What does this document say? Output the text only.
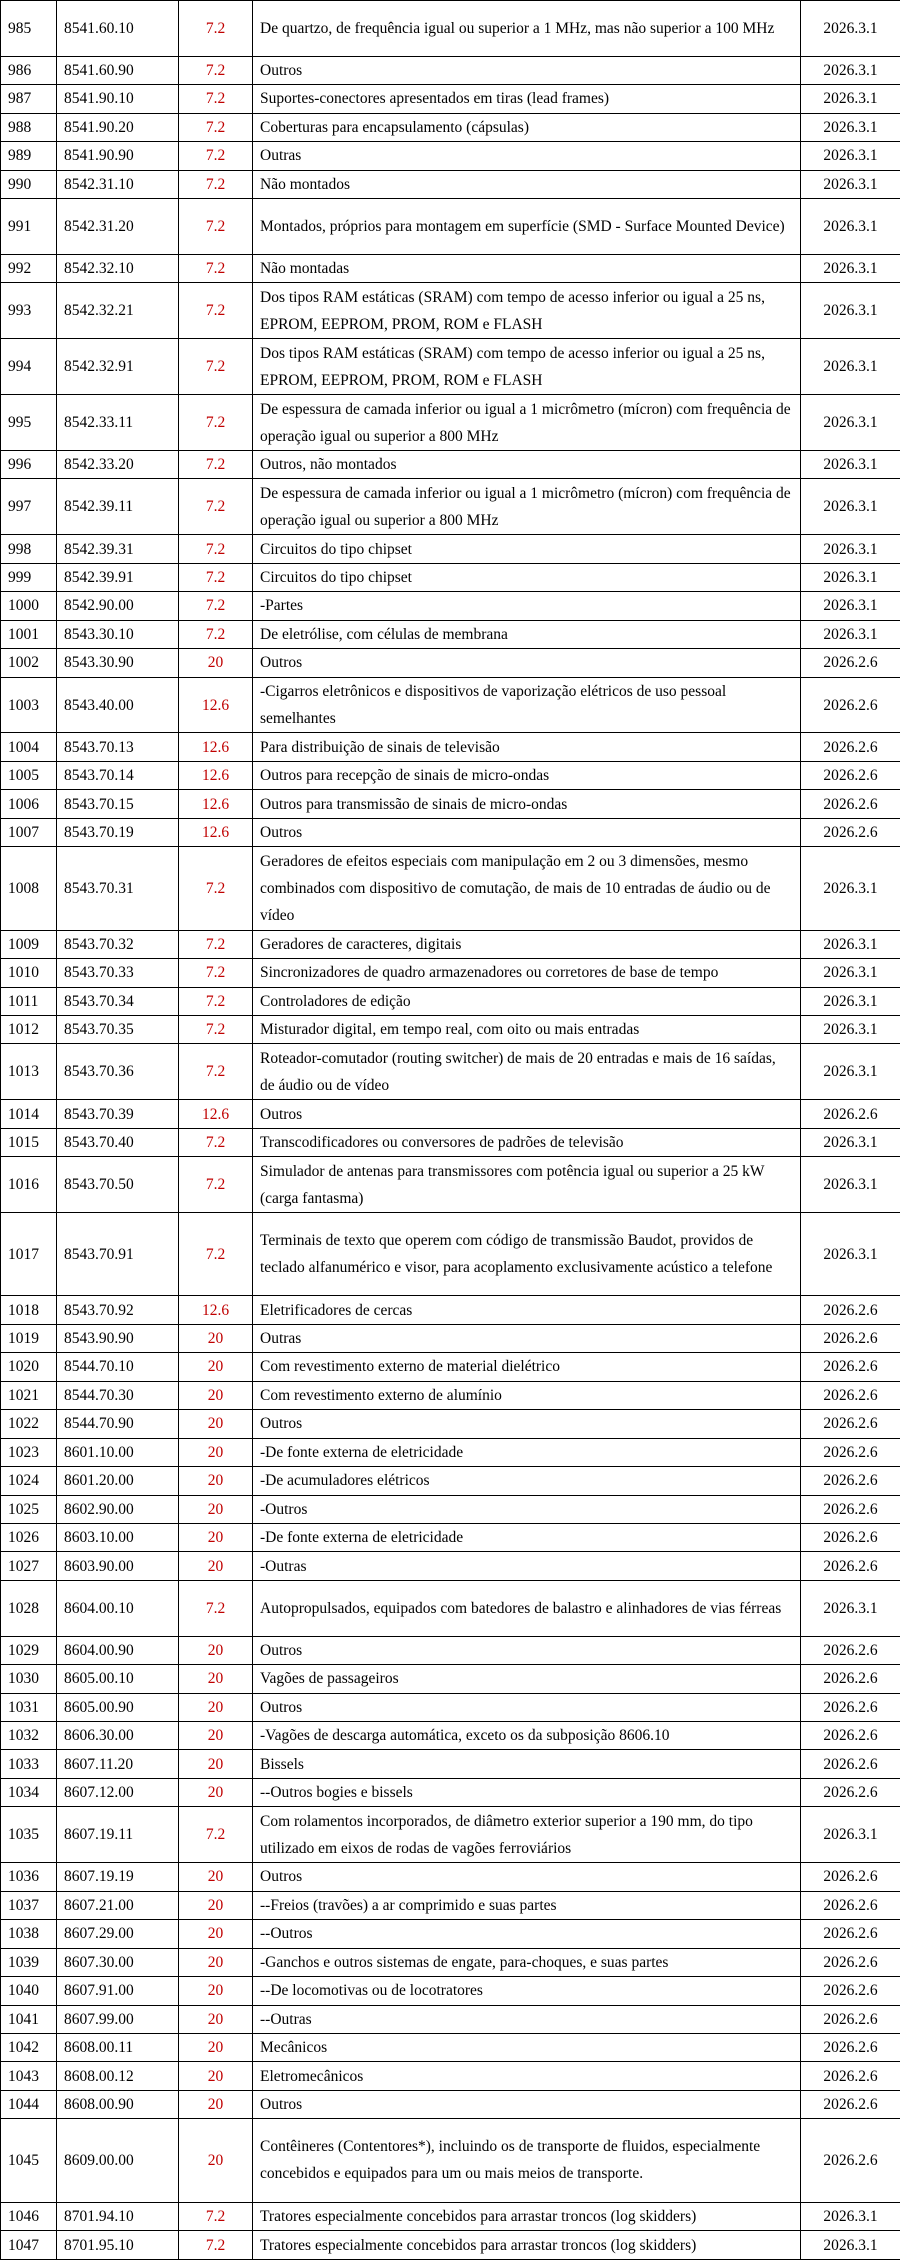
985	8541.60.10	7.2	De quartzo, de frequência igual ou superior a 1 MHz, mas não superior a 100 MHz	2026.3.1
986	8541.60.90	7.2	Outros	2026.3.1
987	8541.90.10	7.2	Suportes-conectores apresentados em tiras (lead frames)	2026.3.1
988	8541.90.20	7.2	Coberturas para encapsulamento (cápsulas)	2026.3.1
989	8541.90.90	7.2	Outras	2026.3.1
990	8542.31.10	7.2	Não montados	2026.3.1
991	8542.31.20	7.2	Montados, próprios para montagem em superfície (SMD - Surface Mounted Device)	2026.3.1
992	8542.32.10	7.2	Não montadas	2026.3.1
993	8542.32.21	7.2	Dos tipos RAM estáticas (SRAM) com tempo de acesso inferior ou igual a 25 ns, EPROM, EEPROM, PROM, ROM e FLASH	2026.3.1
994	8542.32.91	7.2	Dos tipos RAM estáticas (SRAM) com tempo de acesso inferior ou igual a 25 ns, EPROM, EEPROM, PROM, ROM e FLASH	2026.3.1
995	8542.33.11	7.2	De espessura de camada inferior ou igual a 1 micrômetro (mícron) com frequência de operação igual ou superior a 800 MHz	2026.3.1
996	8542.33.20	7.2	Outros, não montados	2026.3.1
997	8542.39.11	7.2	De espessura de camada inferior ou igual a 1 micrômetro (mícron) com frequência de operação igual ou superior a 800 MHz	2026.3.1
998	8542.39.31	7.2	Circuitos do tipo chipset	2026.3.1
999	8542.39.91	7.2	Circuitos do tipo chipset	2026.3.1
1000	8542.90.00	7.2	-Partes	2026.3.1
1001	8543.30.10	7.2	De eletrólise, com células de membrana	2026.3.1
1002	8543.30.90	20	Outros	2026.2.6
1003	8543.40.00	12.6	-Cigarros eletrônicos e dispositivos de vaporização elétricos de uso pessoal semelhantes	2026.2.6
1004	8543.70.13	12.6	Para distribuição de sinais de televisão	2026.2.6
1005	8543.70.14	12.6	Outros para recepção de sinais de micro-ondas	2026.2.6
1006	8543.70.15	12.6	Outros para transmissão de sinais de micro-ondas	2026.2.6
1007	8543.70.19	12.6	Outros	2026.2.6
1008	8543.70.31	7.2	Geradores de efeitos especiais com manipulação em 2 ou 3 dimensões, mesmo combinados com dispositivo de comutação, de mais de 10 entradas de áudio ou de vídeo	2026.3.1
1009	8543.70.32	7.2	Geradores de caracteres, digitais	2026.3.1
1010	8543.70.33	7.2	Sincronizadores de quadro armazenadores ou corretores de base de tempo	2026.3.1
1011	8543.70.34	7.2	Controladores de edição	2026.3.1
1012	8543.70.35	7.2	Misturador digital, em tempo real, com oito ou mais entradas	2026.3.1
1013	8543.70.36	7.2	Roteador-comutador (routing switcher) de mais de 20 entradas e mais de 16 saídas, de áudio ou de vídeo	2026.3.1
1014	8543.70.39	12.6	Outros	2026.2.6
1015	8543.70.40	7.2	Transcodificadores ou conversores de padrões de televisão	2026.3.1
1016	8543.70.50	7.2	Simulador de antenas para transmissores com potência igual ou superior a 25 kW (carga fantasma)	2026.3.1
1017	8543.70.91	7.2	Terminais de texto que operem com código de transmissão Baudot, providos de teclado alfanumérico e visor, para acoplamento exclusivamente acústico a telefone	2026.3.1
1018	8543.70.92	12.6	Eletrificadores de cercas	2026.2.6
1019	8543.90.90	20	Outras	2026.2.6
1020	8544.70.10	20	Com revestimento externo de material dielétrico	2026.2.6
1021	8544.70.30	20	Com revestimento externo de alumínio	2026.2.6
1022	8544.70.90	20	Outros	2026.2.6
1023	8601.10.00	20	-De fonte externa de eletricidade	2026.2.6
1024	8601.20.00	20	-De acumuladores elétricos	2026.2.6
1025	8602.90.00	20	-Outros	2026.2.6
1026	8603.10.00	20	-De fonte externa de eletricidade	2026.2.6
1027	8603.90.00	20	-Outras	2026.2.6
1028	8604.00.10	7.2	Autopropulsados, equipados com batedores de balastro e alinhadores de vias férreas	2026.3.1
1029	8604.00.90	20	Outros	2026.2.6
1030	8605.00.10	20	Vagões de passageiros	2026.2.6
1031	8605.00.90	20	Outros	2026.2.6
1032	8606.30.00	20	-Vagões de descarga automática, exceto os da subposição 8606.10	2026.2.6
1033	8607.11.20	20	Bissels	2026.2.6
1034	8607.12.00	20	--Outros bogies e bissels	2026.2.6
1035	8607.19.11	7.2	Com rolamentos incorporados, de diâmetro exterior superior a 190 mm, do tipo utilizado em eixos de rodas de vagões ferroviários	2026.3.1
1036	8607.19.19	20	Outros	2026.2.6
1037	8607.21.00	20	--Freios (travões) a ar comprimido e suas partes	2026.2.6
1038	8607.29.00	20	--Outros	2026.2.6
1039	8607.30.00	20	-Ganchos e outros sistemas de engate, para-choques, e suas partes	2026.2.6
1040	8607.91.00	20	--De locomotivas ou de locotratores	2026.2.6
1041	8607.99.00	20	--Outras	2026.2.6
1042	8608.00.11	20	Mecânicos	2026.2.6
1043	8608.00.12	20	Eletromecânicos	2026.2.6
1044	8608.00.90	20	Outros	2026.2.6
1045	8609.00.00	20	Contêineres (Contentores*), incluindo os de transporte de fluidos, especialmente concebidos e equipados para um ou mais meios de transporte.	2026.2.6
1046	8701.94.10	7.2	Tratores especialmente concebidos para arrastar troncos (log skidders)	2026.3.1
1047	8701.95.10	7.2	Tratores especialmente concebidos para arrastar troncos (log skidders)	2026.3.1
